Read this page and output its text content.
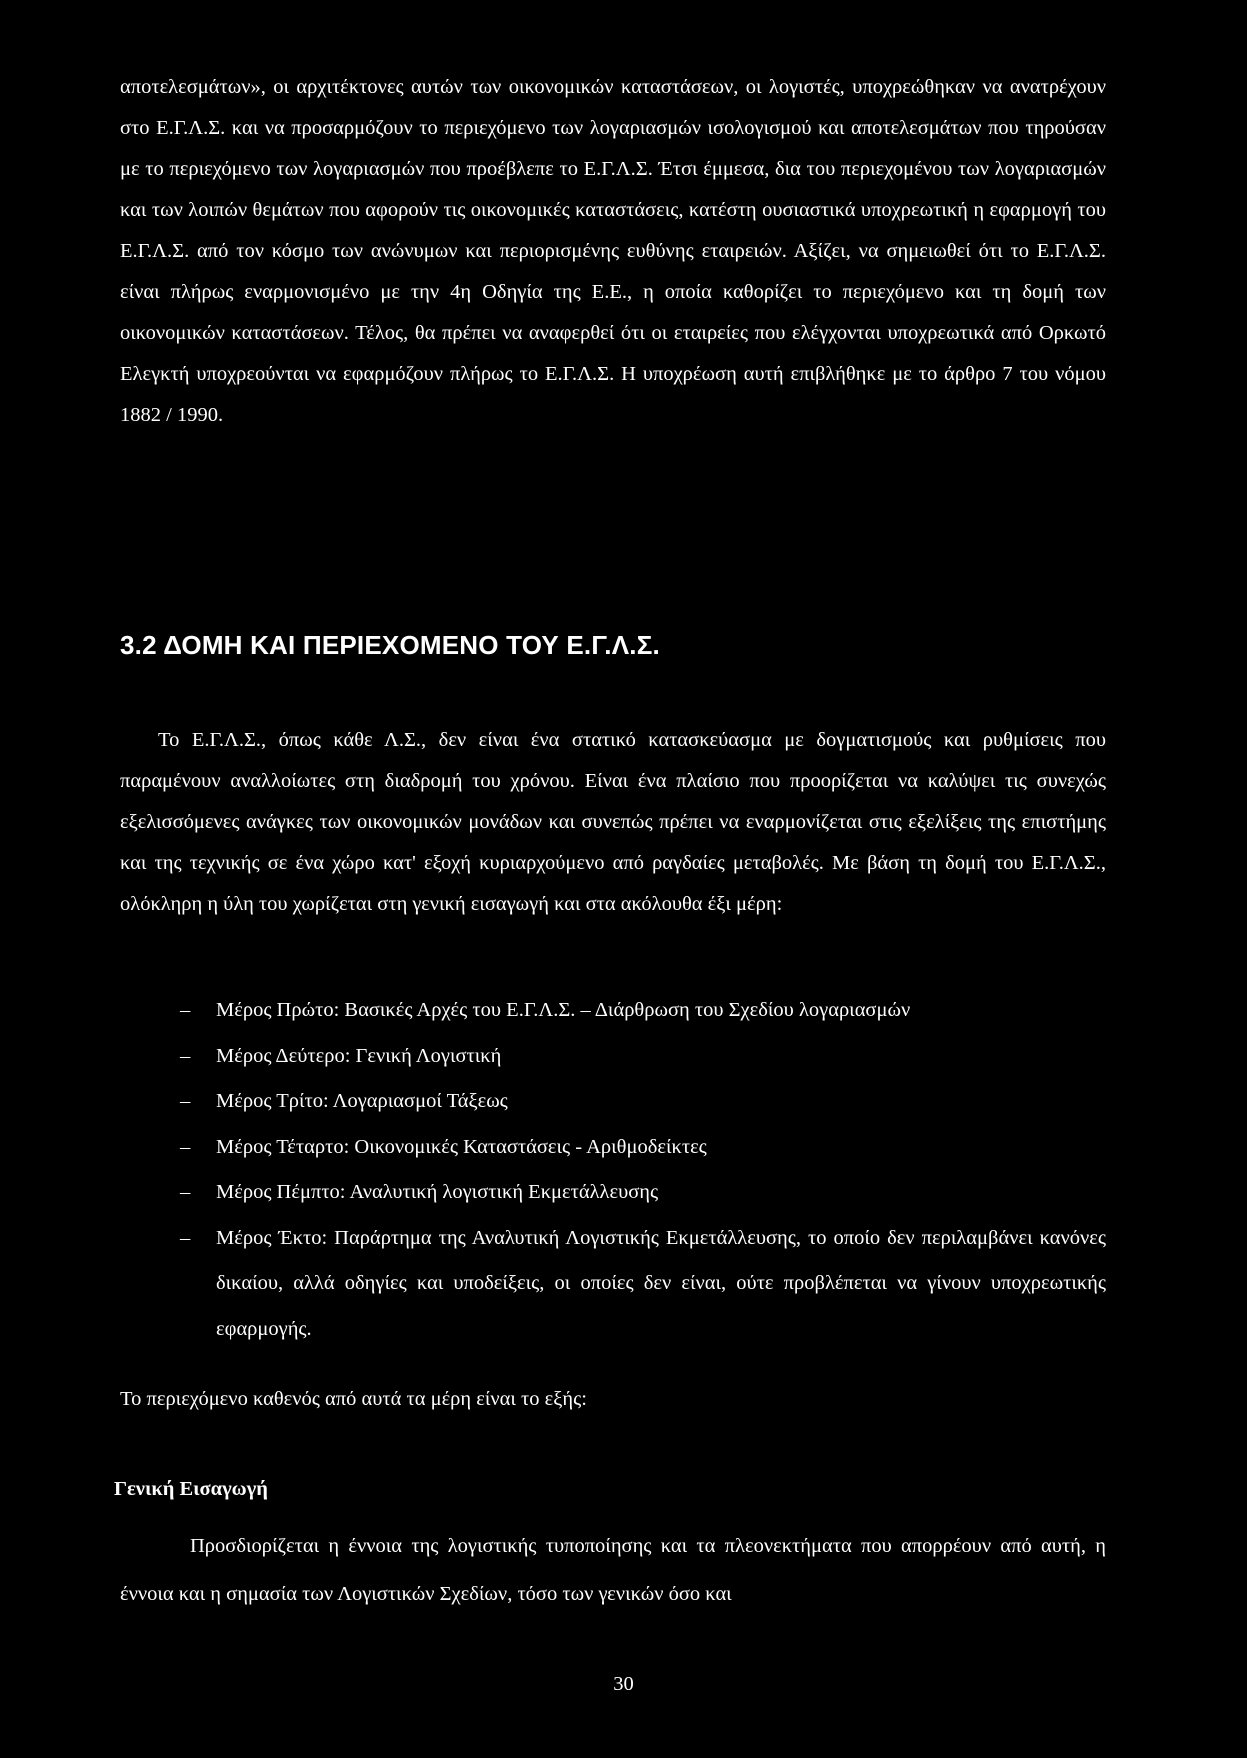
αποτελεσμάτων», οι αρχιτέκτονες αυτών των οικονομικών καταστάσεων, οι λογιστές, υποχρεώθηκαν να ανατρέχουν στο Ε.Γ.Λ.Σ. και να προσαρμόζουν το περιεχόμενο των λογαριασμών ισολογισμού και αποτελεσμάτων που τηρούσαν με το περιεχόμενο των λογαριασμών που προέβλεπε το Ε.Γ.Λ.Σ. Έτσι έμμεσα, δια του περιεχομένου των λογαριασμών και των λοιπών θεμάτων που αφορούν τις οικονομικές καταστάσεις, κατέστη ουσιαστικά υποχρεωτική η εφαρμογή του Ε.Γ.Λ.Σ. από τον κόσμο των ανώνυμων και περιορισμένης ευθύνης εταιρειών. Αξίζει, να σημειωθεί ότι το Ε.Γ.Λ.Σ. είναι πλήρως εναρμονισμένο με την 4η Οδηγία της Ε.Ε., η οποία καθορίζει το περιεχόμενο και τη δομή των οικονομικών καταστάσεων. Τέλος, θα πρέπει να αναφερθεί ότι οι εταιρείες που ελέγχονται υποχρεωτικά από Ορκωτό Ελεγκτή υποχρεούνται να εφαρμόζουν πλήρως το Ε.Γ.Λ.Σ. Η υποχρέωση αυτή επιβλήθηκε με το άρθρο 7 του νόμου 1882 / 1990.

3.2 ΔΟΜΗ ΚΑΙ ΠΕΡΙΕΧΟΜΕΝΟ ΤΟΥ Ε.Γ.Λ.Σ.

Το Ε.Γ.Λ.Σ., όπως κάθε Λ.Σ., δεν είναι ένα στατικό κατασκεύασμα με δογματισμούς και ρυθμίσεις που παραμένουν αναλλοίωτες στη διαδρομή του χρόνου. Είναι ένα πλαίσιο που προορίζεται να καλύψει τις συνεχώς εξελισσόμενες ανάγκες των οικονομικών μονάδων και συνεπώς πρέπει να εναρμονίζεται στις εξελίξεις της επιστήμης και της τεχνικής σε ένα χώρο κατ' εξοχή κυριαρχούμενο από ραγδαίες μεταβολές. Με βάση τη δομή του Ε.Γ.Λ.Σ., ολόκληρη η ύλη του χωρίζεται στη γενική εισαγωγή και στα ακόλουθα έξι μέρη:

– Μέρος Πρώτο: Βασικές Αρχές του Ε.Γ.Λ.Σ. – Διάρθρωση του Σχεδίου λογαριασμών
– Μέρος Δεύτερο: Γενική Λογιστική
– Μέρος Τρίτο: Λογαριασμοί Τάξεως
– Μέρος Τέταρτο: Οικονομικές Καταστάσεις - Αριθμοδείκτες
– Μέρος Πέμπτο: Αναλυτική λογιστική Εκμετάλλευσης
– Μέρος Έκτο: Παράρτημα της Αναλυτική Λογιστικής Εκμετάλλευσης, το οποίο δεν περιλαμβάνει κανόνες δικαίου, αλλά οδηγίες και υποδείξεις, οι οποίες δεν είναι, ούτε προβλέπεται να γίνουν υποχρεωτικής εφαρμογής.

Το περιεχόμενο καθενός από αυτά τα μέρη είναι το εξής:

Γενική Εισαγωγή

Προσδιορίζεται η έννοια της λογιστικής τυποποίησης και τα πλεονεκτήματα που απορρέουν από αυτή, η έννοια και η σημασία των Λογιστικών Σχεδίων, τόσο των γενικών όσο και

30
